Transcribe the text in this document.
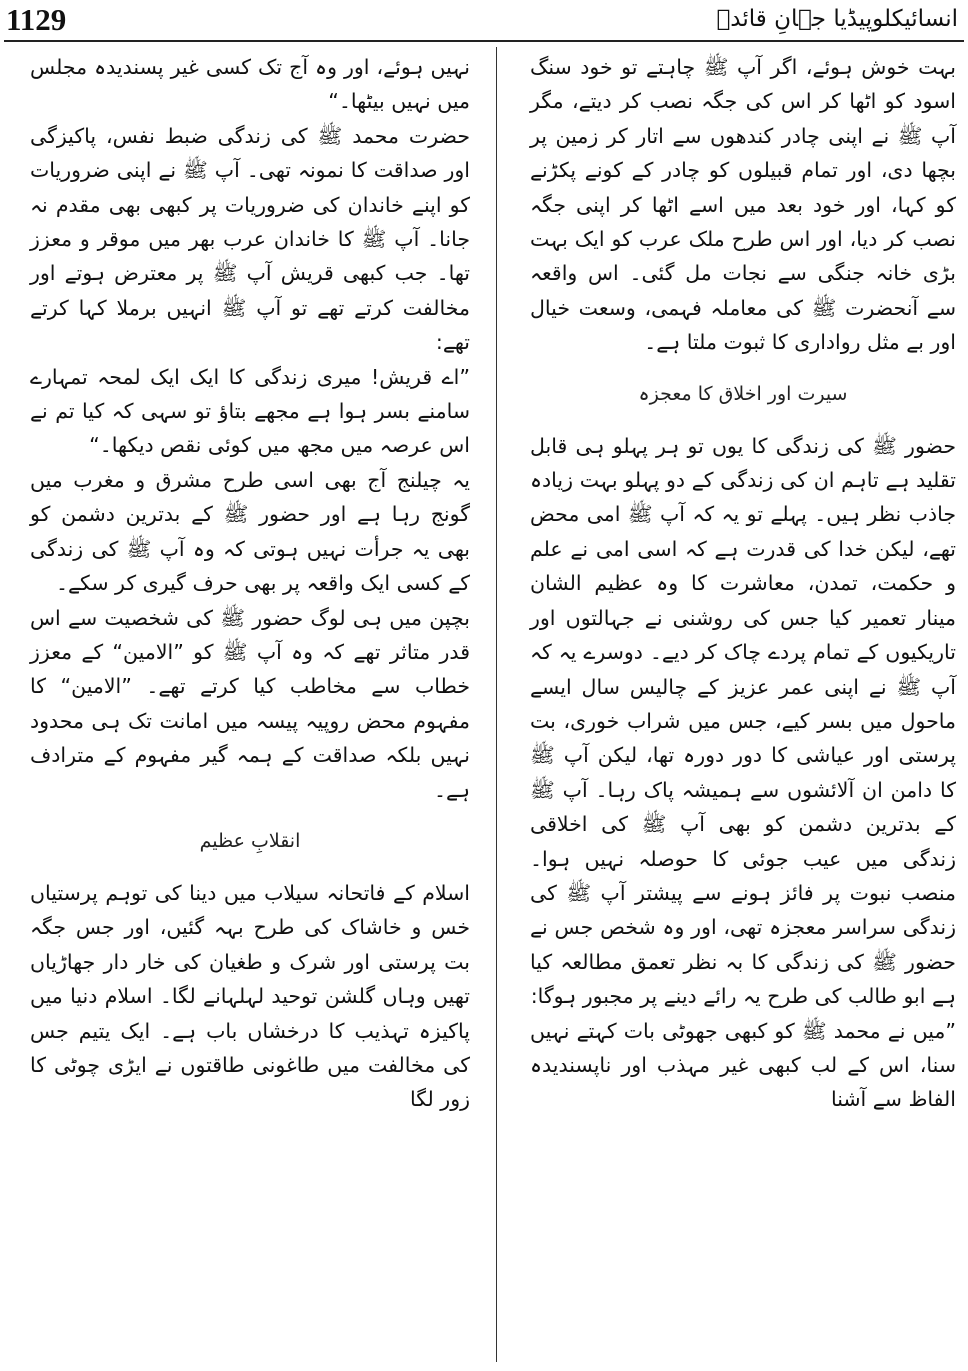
1129	انسائیکلوپیڈیا جہانِ قائدؒ

بہت خوش ہوئے، اگر آپ ﷺ چاہتے تو خود سنگ اسود کو اٹھا کر اس کی جگہ نصب کر دیتے، مگر آپ ﷺ نے اپنی چادر کندھوں سے اتار کر زمین پر بچھا دی، اور تمام قبیلوں کو چادر کے کونے پکڑنے کو کہا، اور خود بعد میں اسے اٹھا کر اپنی جگہ نصب کر دیا، اور اس طرح ملک عرب کو ایک بہت بڑی خانہ جنگی سے نجات مل گئی۔ اس واقعہ سے آنحضرت ﷺ کی معاملہ فہمی، وسعت خیال اور بے مثل رواداری کا ثبوت ملتا ہے۔

سیرت اور اخلاق کا معجزہ

حضور ﷺ کی زندگی کا یوں تو ہر پہلو ہی قابل تقلید ہے تاہم ان کی زندگی کے دو پہلو بہت زیادہ جاذب نظر ہیں۔ پہلے تو یہ کہ آپ ﷺ امی محض تھے، لیکن خدا کی قدرت ہے کہ اسی امی نے علم و حکمت، تمدن، معاشرت کا وہ عظیم الشان مینار تعمیر کیا جس کی روشنی نے جہالتوں اور تاریکیوں کے تمام پردے چاک کر دیے۔ دوسرے یہ کہ آپ ﷺ نے اپنی عمر عزیز کے چالیس سال ایسے ماحول میں بسر کیے، جس میں شراب خوری، بت پرستی اور عیاشی کا دور دورہ تھا، لیکن آپ ﷺ کا دامن ان آلائشوں سے ہمیشہ پاک رہا۔ آپ ﷺ کے بدترین دشمن کو بھی آپ ﷺ کی اخلاقی زندگی میں عیب جوئی کا حوصلہ نہیں ہوا۔ منصب نبوت پر فائز ہونے سے پیشتر آپ ﷺ کی زندگی سراسر معجزہ تھی، اور وہ شخص جس نے حضور ﷺ کی زندگی کا بہ نظر تعمق مطالعہ کیا ہے ابو طالب کی طرح یہ رائے دینے پر مجبور ہوگا:

”میں نے محمد ﷺ کو کبھی جھوٹی بات کہتے نہیں سنا، اس کے لب کبھی غیر مہذب اور ناپسندیدہ الفاظ سے آشنا

نہیں ہوئے، اور وہ آج تک کسی غیر پسندیدہ مجلس میں نہیں بیٹھا۔“

حضرت محمد ﷺ کی زندگی ضبط نفس، پاکیزگی اور صداقت کا نمونہ تھی۔ آپ ﷺ نے اپنی ضروریات کو اپنے خاندان کی ضروریات پر کبھی بھی مقدم نہ جانا۔ آپ ﷺ کا خاندان عرب بھر میں موقر و معزز تھا۔ جب کبھی قریش آپ ﷺ پر معترض ہوتے اور مخالفت کرتے تھے تو آپ ﷺ انہیں برملا کہا کرتے تھے:

”اے قریش! میری زندگی کا ایک ایک لمحہ تمہارے سامنے بسر ہوا ہے مجھے بتاؤ تو سہی کہ کیا تم نے اس عرصہ میں مجھ میں کوئی نقص دیکھا۔“

یہ چیلنج آج بھی اسی طرح مشرق و مغرب میں گونج رہا ہے اور حضور ﷺ کے بدترین دشمن کو بھی یہ جرأت نہیں ہوتی کہ وہ آپ ﷺ کی زندگی کے کسی ایک واقعہ پر بھی حرف گیری کر سکے۔

بچپن میں ہی لوگ حضور ﷺ کی شخصیت سے اس قدر متاثر تھے کہ وہ آپ ﷺ کو ”الامین“ کے معزز خطاب سے مخاطب کیا کرتے تھے۔ ”الامین“ کا مفہوم محض روپیہ پیسہ میں امانت تک ہی محدود نہیں بلکہ صداقت کے ہمہ گیر مفہوم کے مترادف ہے۔

انقلابِ عظیم

اسلام کے فاتحانہ سیلاب میں دینا کی توہم پرستیاں خس و خاشاک کی طرح بہہ گئیں، اور جس جگہ بت پرستی اور شرک و طغیان کی خار دار جھاڑیاں تھیں وہاں گلشن توحید لہلہانے لگا۔ اسلام دنیا میں پاکیزہ تہذیب کا درخشاں باب ہے۔ ایک یتیم جس کی مخالفت میں طاغونی طاقتوں نے ایڑی چوٹی کا زور لگا
